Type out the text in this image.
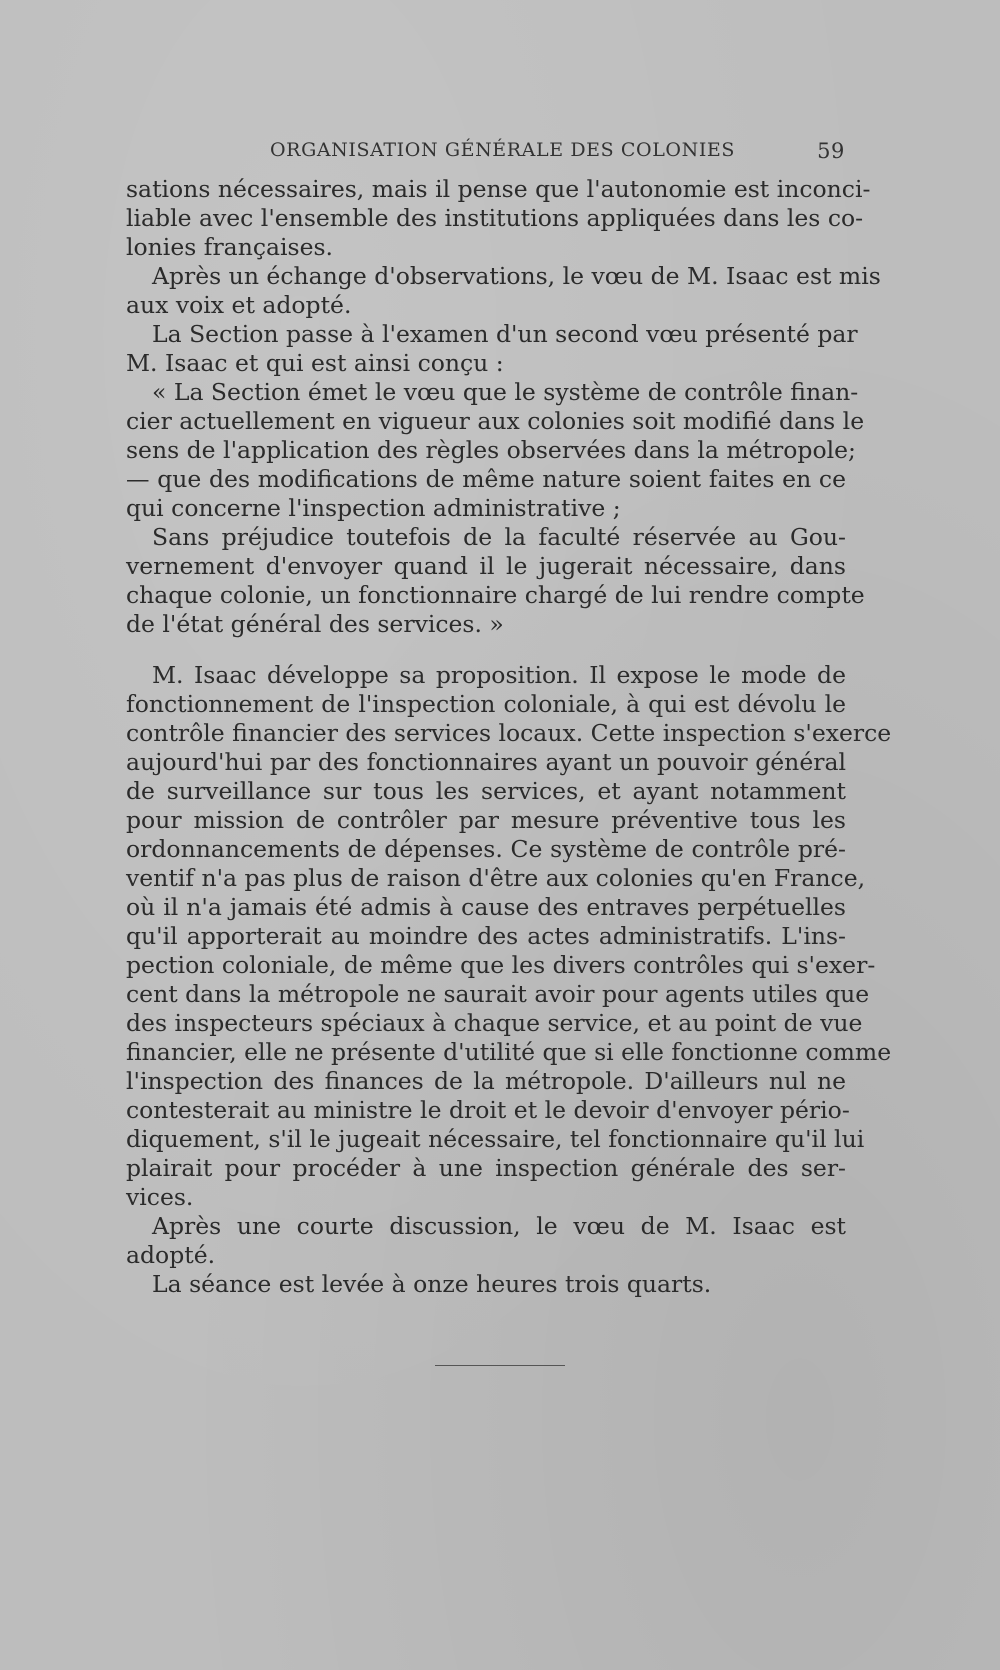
ORGANISATION GÉNÉRALE DES COLONIES	59
sations nécessaires, mais il pense que l'autonomie est inconci-
liable avec l'ensemble des institutions appliquées dans les co-
lonies françaises.
Après un échange d'observations, le vœu de M. Isaac est mis
aux voix et adopté.
La Section passe à l'examen d'un second vœu présenté par
M. Isaac et qui est ainsi conçu :
« La Section émet le vœu que le système de contrôle finan-
cier actuellement en vigueur aux colonies soit modifié dans le
sens de l'application des règles observées dans la métropole;
— que des modifications de même nature soient faites en ce
qui concerne l'inspection administrative ;
Sans préjudice toutefois de la faculté réservée au Gou-
vernement d'envoyer quand il le jugerait nécessaire, dans
chaque colonie, un fonctionnaire chargé de lui rendre compte
de l'état général des services. »
M. Isaac développe sa proposition. Il expose le mode de
fonctionnement de l'inspection coloniale, à qui est dévolu le
contrôle financier des services locaux. Cette inspection s'exerce
aujourd'hui par des fonctionnaires ayant un pouvoir général
de surveillance sur tous les services, et ayant notamment
pour mission de contrôler par mesure préventive tous les
ordonnancements de dépenses. Ce système de contrôle pré-
ventif n'a pas plus de raison d'être aux colonies qu'en France,
où il n'a jamais été admis à cause des entraves perpétuelles
qu'il apporterait au moindre des actes administratifs. L'ins-
pection coloniale, de même que les divers contrôles qui s'exer-
cent dans la métropole ne saurait avoir pour agents utiles que
des inspecteurs spéciaux à chaque service, et au point de vue
financier, elle ne présente d'utilité que si elle fonctionne comme
l'inspection des finances de la métropole. D'ailleurs nul ne
contesterait au ministre le droit et le devoir d'envoyer pério-
diquement, s'il le jugeait nécessaire, tel fonctionnaire qu'il lui
plairait pour procéder à une inspection générale des ser-
vices.
Après une courte discussion, le vœu de M. Isaac est
adopté.
La séance est levée à onze heures trois quarts.
